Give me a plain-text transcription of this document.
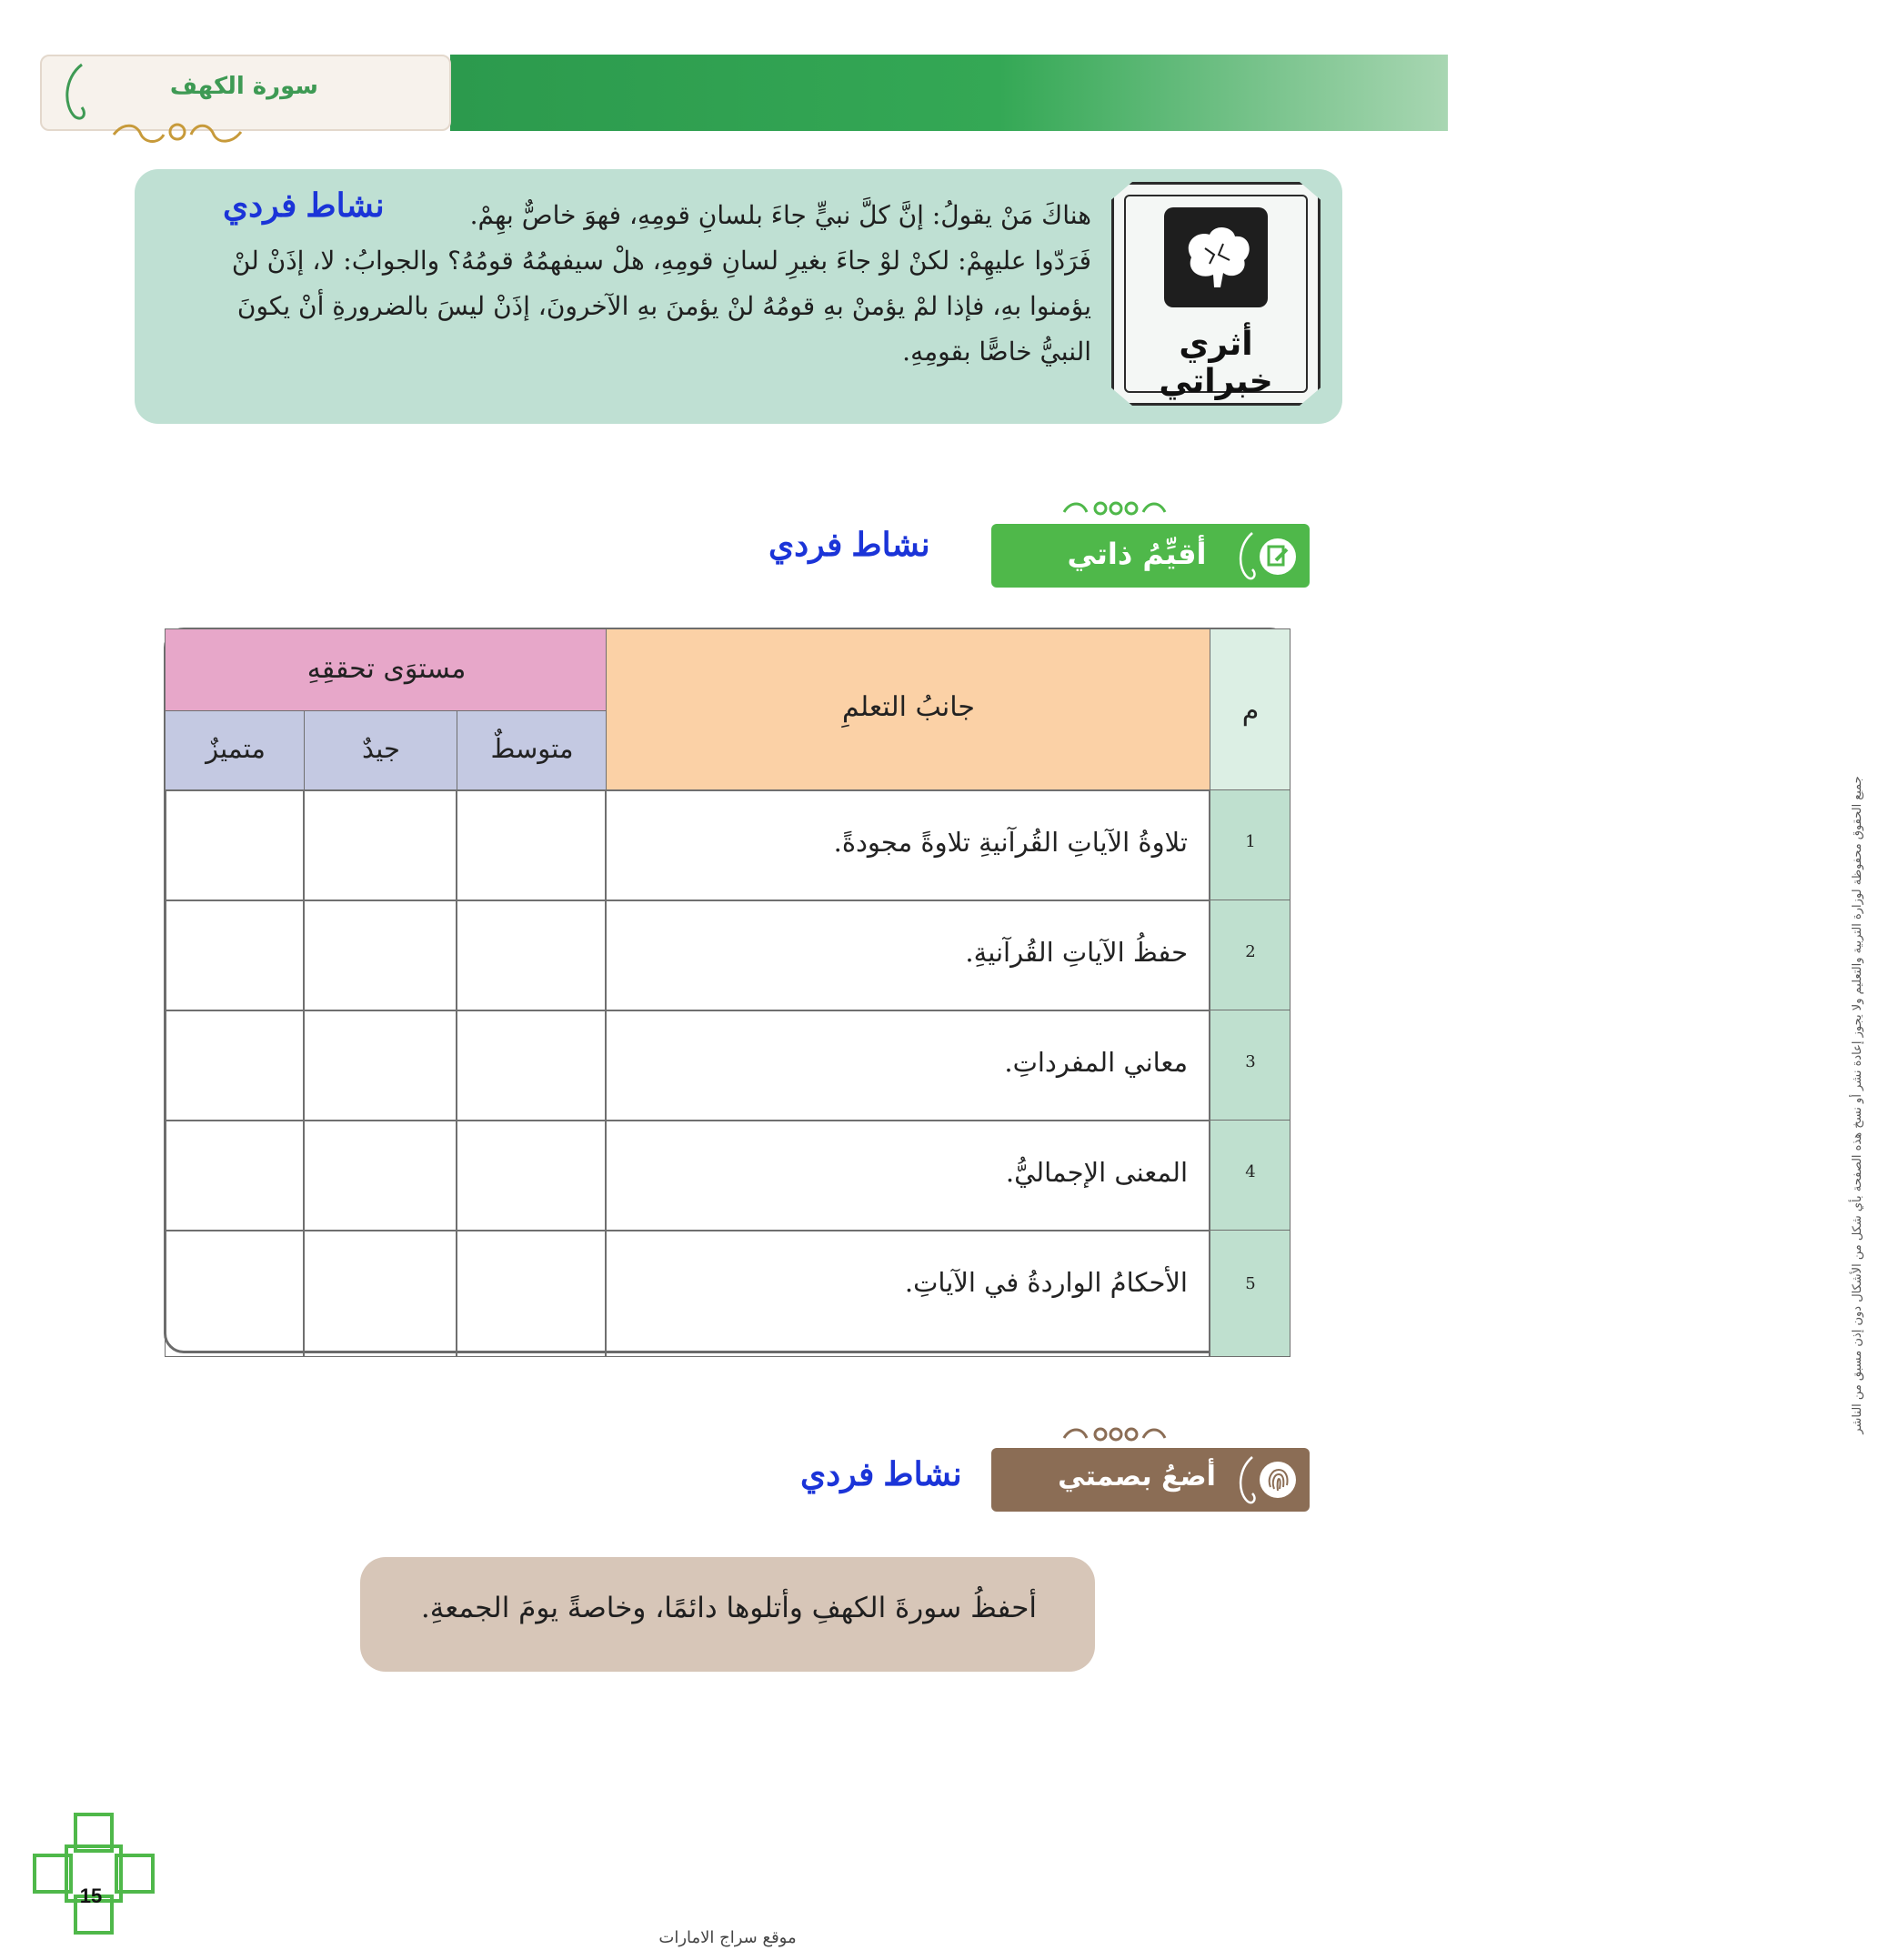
سورة الكهف
أثري خبراتي
نشاط فردي	هناكَ مَنْ يقولُ: إنَّ كلَّ نبيٍّ جاءَ بلسانِ قومِهِ، فهوَ خاصٌّ بهِمْ.
فَرَدّوا عليهِمْ: لكنْ لوْ جاءَ بغيرِ لسانِ قومِهِ، هلْ سيفهمُهُ قومُهُ؟ والجوابُ: لا، إذَنْ لنْ
يؤمنوا بهِ، فإذا لمْ يؤمنْ بهِ قومُهُ لنْ يؤمنَ بهِ الآخرونَ، إذَنْ ليسَ بالضرورةِ أنْ يكونَ
النبيُّ خاصًّا بقومِهِ.
أقيِّمُ ذاتي
نشاط فردي
م
جانبُ التعلمِ
مستوَى تحققِهِ
متوسطٌ
جيدٌ
متميزٌ
1
تلاوةُ الآياتِ القُرآنيةِ تلاوةً مجودةً.
2
حفظُ الآياتِ القُرآنيةِ.
3
معاني المفرداتِ.
4
المعنى الإجماليُّ.
5
الأحكامُ الواردةُ في الآياتِ.
أضعُ بصمتي
نشاط فردي
أحفظُ سورةَ الكهفِ وأتلوها دائمًا، وخاصةً يومَ الجمعةِ.
جميع الحقوق محفوظة لوزارة التربية والتعليم ولا يجوز إعادة نشر أو نسخ هذه الصفحة بأي شكل من الأشكال دون إذن مسبق من الناشر
15
موقع سراج الامارات
